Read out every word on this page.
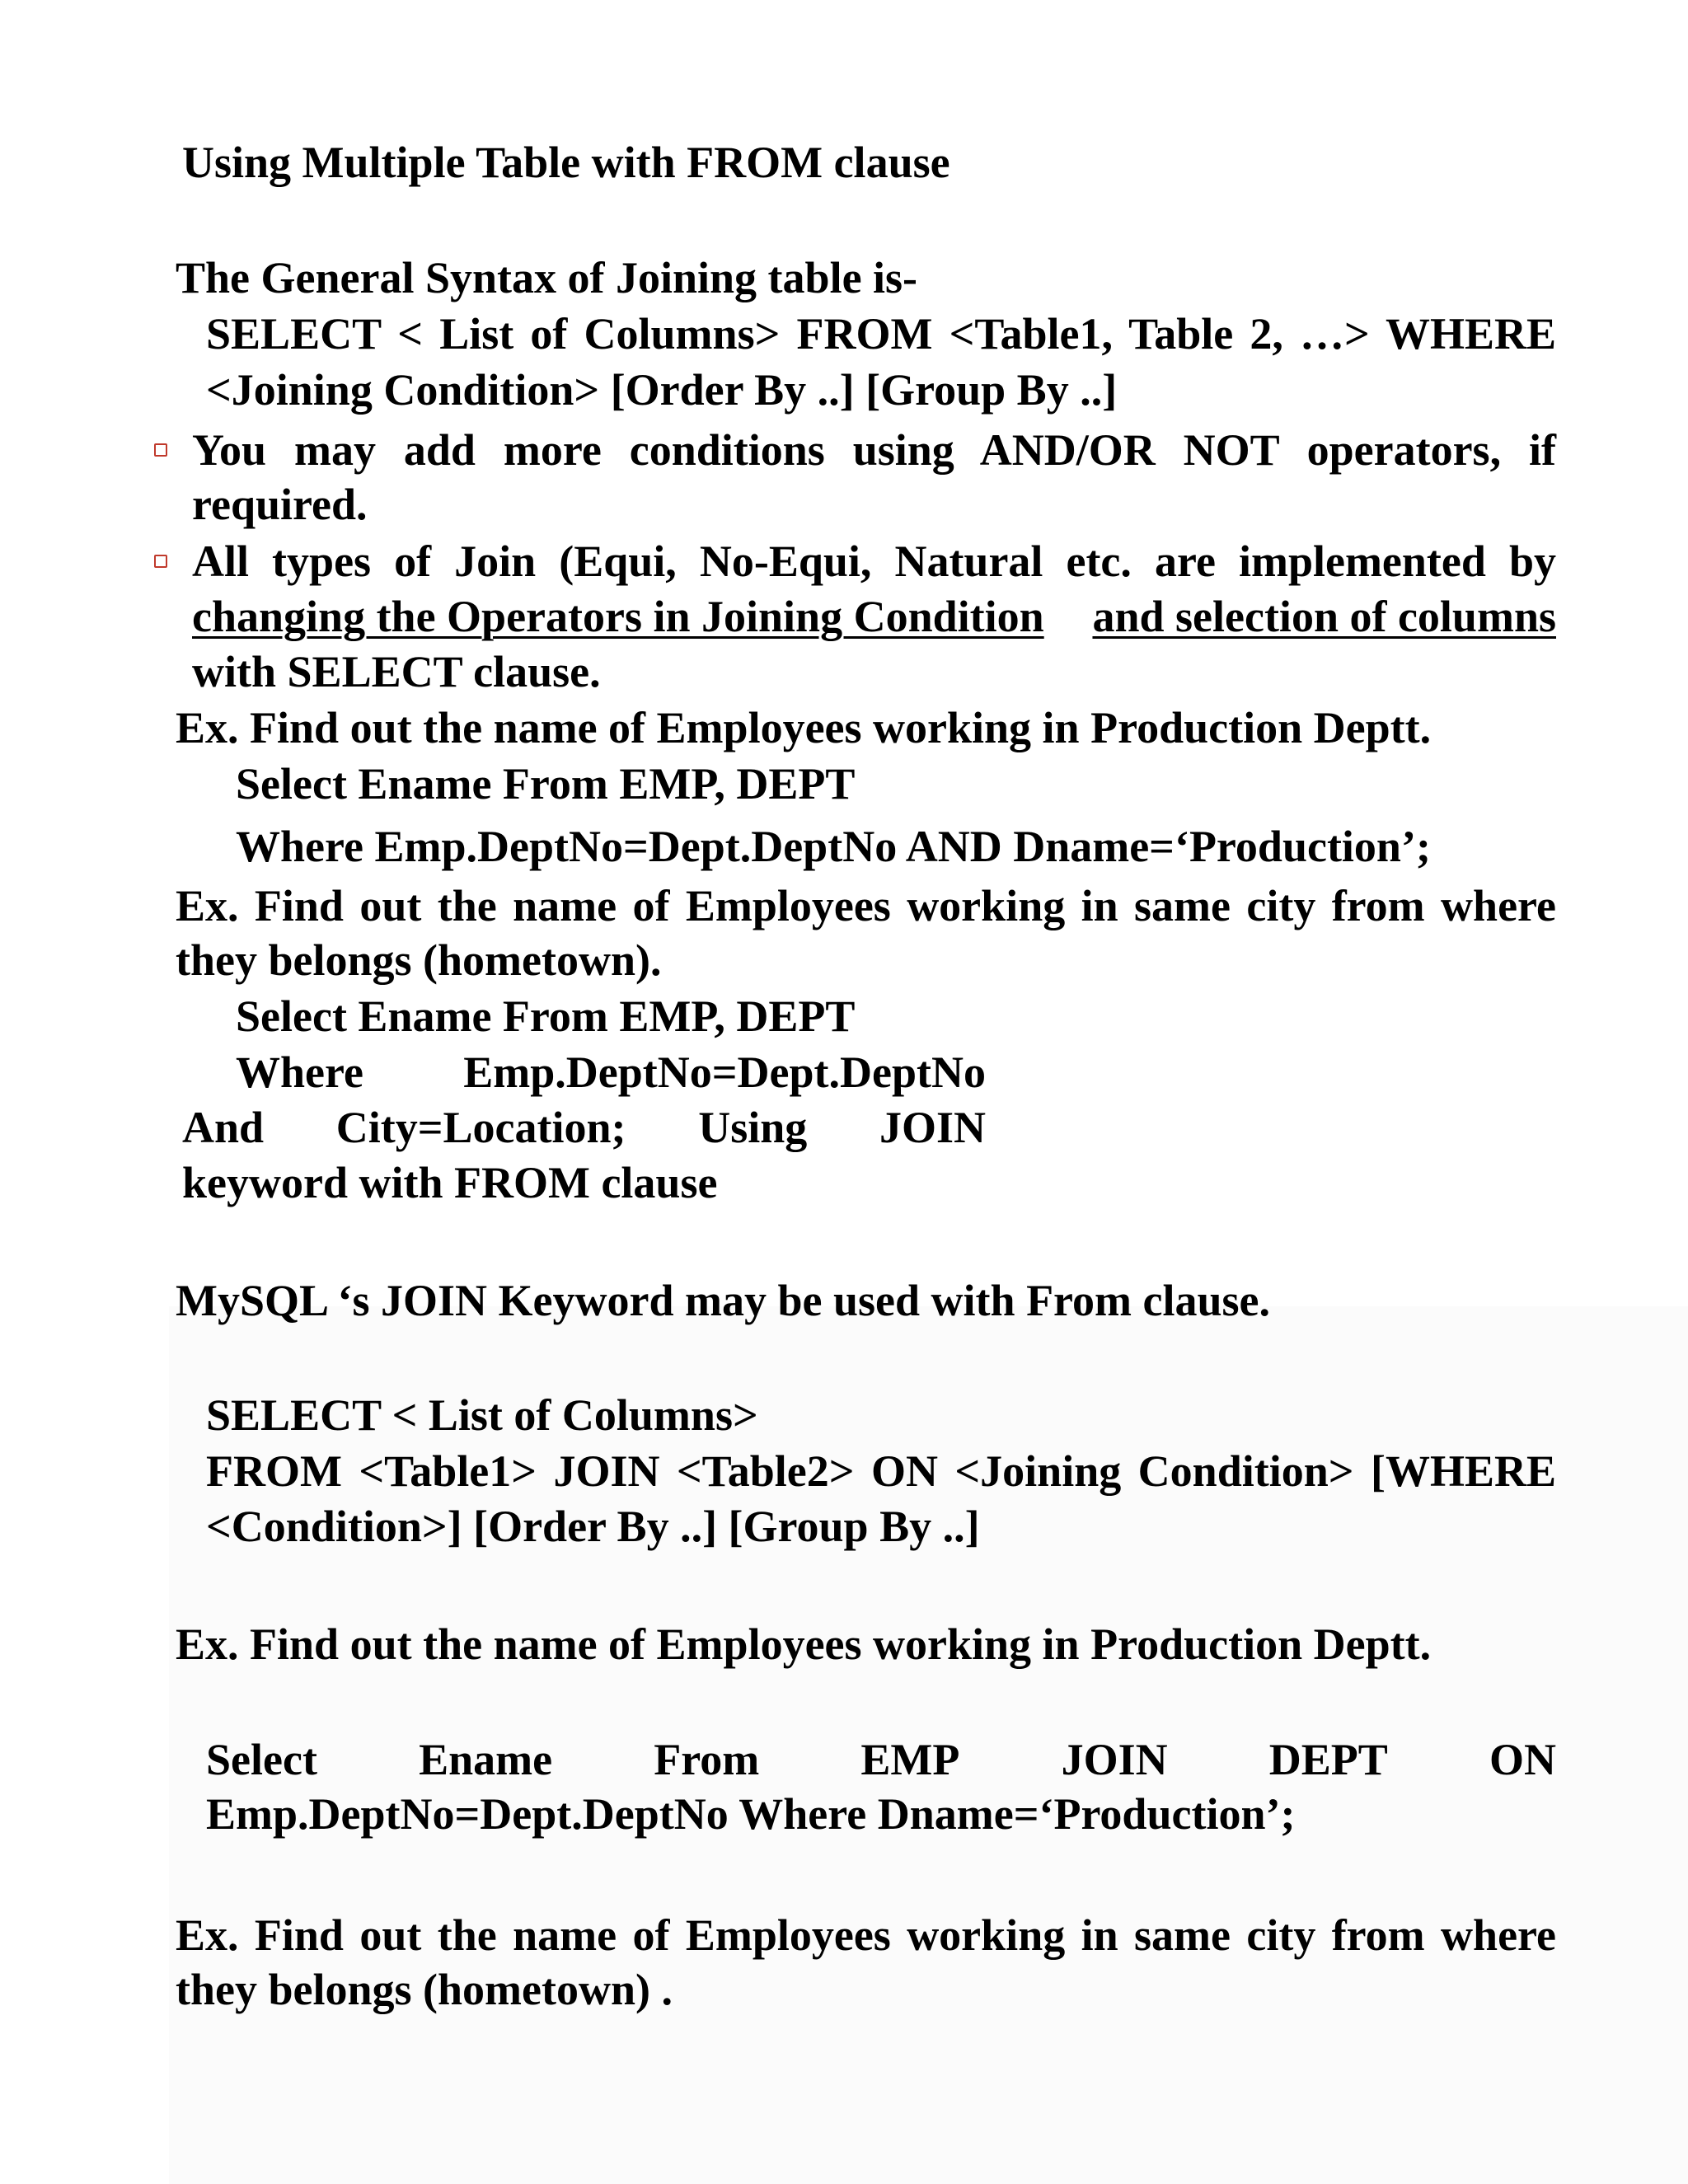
Using Multiple Table with FROM clause
The General Syntax of Joining table is-
SELECT < List of Columns> FROM <Table1, Table 2, …> WHERE
<Joining Condition> [Order By ..] [Group By ..]
You may add more conditions using AND/OR NOT operators, if
required.
All types of Join (Equi, No-Equi, Natural etc. are implemented by
changing the Operators in Joining Condition and selection of columns
with SELECT clause.
Ex. Find out the name of Employees working in Production Deptt.
Select Ename From EMP, DEPT
Where Emp.DeptNo=Dept.DeptNo AND Dname=‘Production’;
Ex. Find out the name of Employees working in same city from where
they belongs (hometown).
Select Ename From EMP, DEPT
Where Emp.DeptNo=Dept.DeptNo
And City=Location; Using JOIN
keyword with FROM clause
MySQL ‘s JOIN Keyword may be used with From clause.
SELECT < List of Columns>
FROM <Table1> JOIN <Table2> ON <Joining Condition> [WHERE
<Condition>] [Order By ..] [Group By ..]
Ex. Find out the name of Employees working in Production Deptt.
Select Ename From EMP JOIN DEPT ON
Emp.DeptNo=Dept.DeptNo Where Dname=‘Production’;
Ex. Find out the name of Employees working in same city from where
they belongs (hometown) .
